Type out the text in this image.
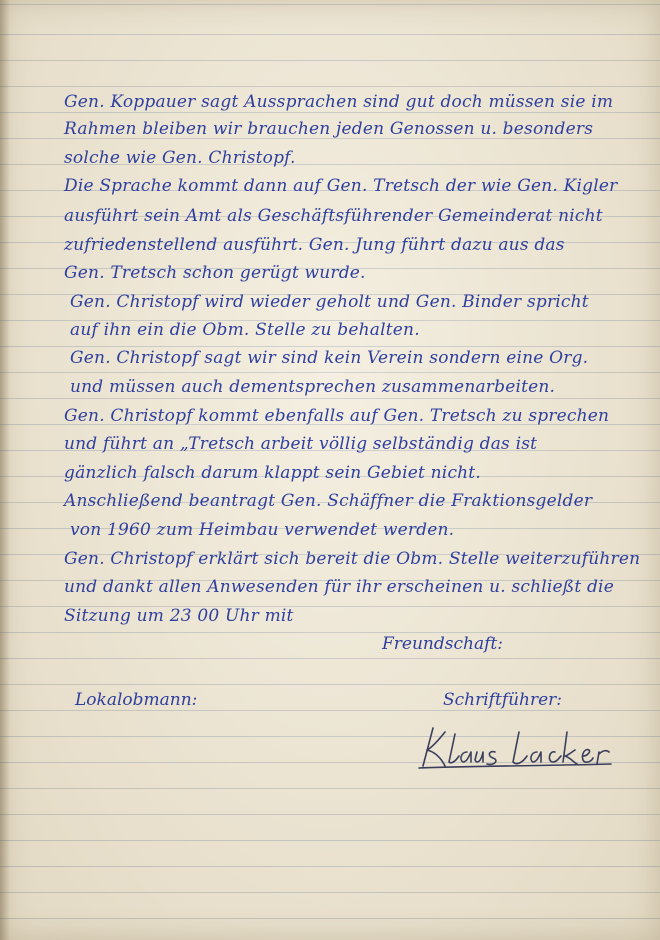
Gen. Koppauer sagt Aussprachen sind gut doch müssen sie im
Rahmen bleiben wir brauchen jeden Genossen u. besonders
solche wie Gen. Christopf.
Die Sprache kommt dann auf Gen. Tretsch der wie Gen. Kigler
ausführt sein Amt als Geschäftsführender Gemeinderat nicht
zufriedenstellend ausführt. Gen. Jung führt dazu aus das
Gen. Tretsch schon gerügt wurde.
Gen. Christopf wird wieder geholt und Gen. Binder spricht
auf ihn ein die Obm. Stelle zu behalten.
Gen. Christopf sagt wir sind kein Verein sondern eine Org.
und müssen auch dementsprechen zusammenarbeiten.
Gen. Christopf kommt ebenfalls auf Gen. Tretsch zu sprechen
und führt an „Tretsch arbeit völlig selbständig das ist
gänzlich falsch darum klappt sein Gebiet nicht.
Anschließend beantragt Gen. Schäffner die Fraktionsgelder
von 1960 zum Heimbau verwendet werden.
Gen. Christopf erklärt sich bereit die Obm. Stelle weiterzuführen
und dankt allen Anwesenden für ihr erscheinen u. schließt die
Sitzung um 23 00 Uhr mit
Freundschaft:
Lokalobmann:	Schriftführer:
